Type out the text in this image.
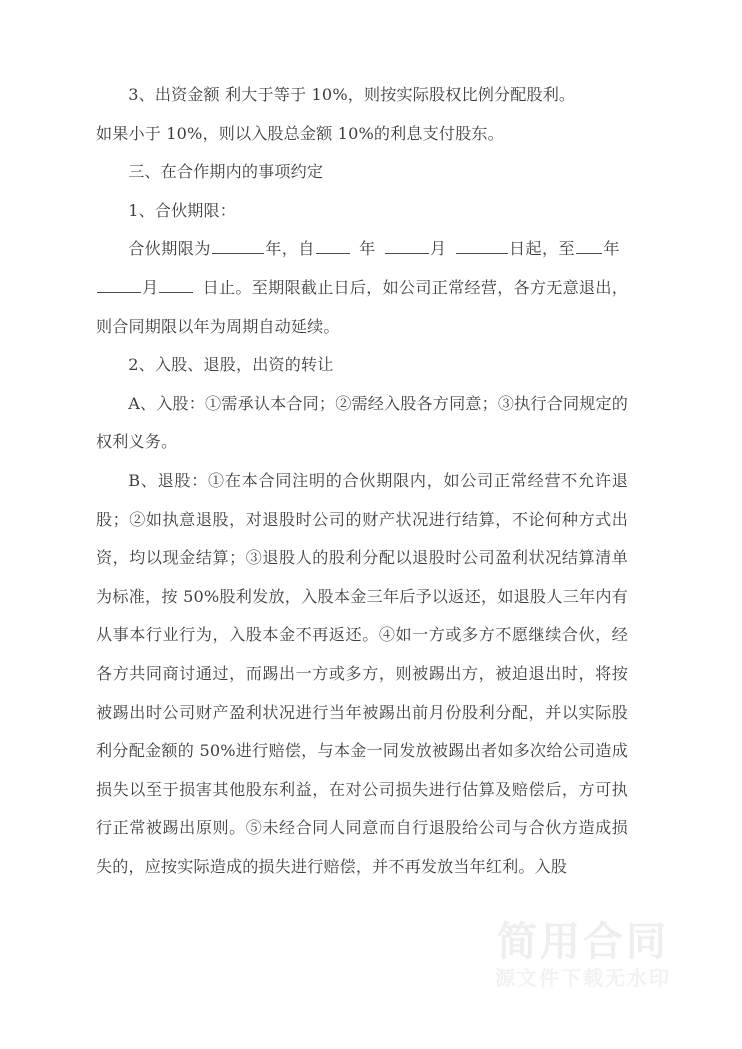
3、出资金额 利大于等于 10%，则按实际股权比例分配股利。

如果小于 10%，则以入股总金额 10%的利息支付股东。

三、在合作期内的事项约定

1、合伙期限：

合伙期限为	年，自	年	月	日起，至 年月	日止。至期限截止日后，如公司正常经营，各方无意退出，则合同期限以年为周期自动延续。

2、入股、退股，出资的转让

A、入股：①需承认本合同；②需经入股各方同意；③执行合同规定的权利义务。

B、退股：①在本合同注明的合伙期限内，如公司正常经营不允许退股；②如执意退股，对退股时公司的财产状况进行结算，不论何种方式出资，均以现金结算；③退股人的股利分配以退股时公司盈利状况结算清单为标准，按 50%股利发放，入股本金三年后予以返还，如退股人三年内有从事本行业行为，入股本金不再返还。④如一方或多方不愿继续合伙，经各方共同商讨通过，而踢出一方或多方，则被踢出方，被迫退出时，将按被踢出时公司财产盈利状况进行当年被踢出前月份股利分配，并以实际股利分配金额的 50%进行赔偿，与本金一同发放被踢出者如多次给公司造成损失以至于损害其他股东利益，在对公司损失进行估算及赔偿后，方可执行正常被踢出原则。⑤未经合同人同意而自行退股给公司与合伙方造成损失的，应按实际造成的损失进行赔偿，并不再发放当年红利。入股

简用合同
源文件下载无水印
